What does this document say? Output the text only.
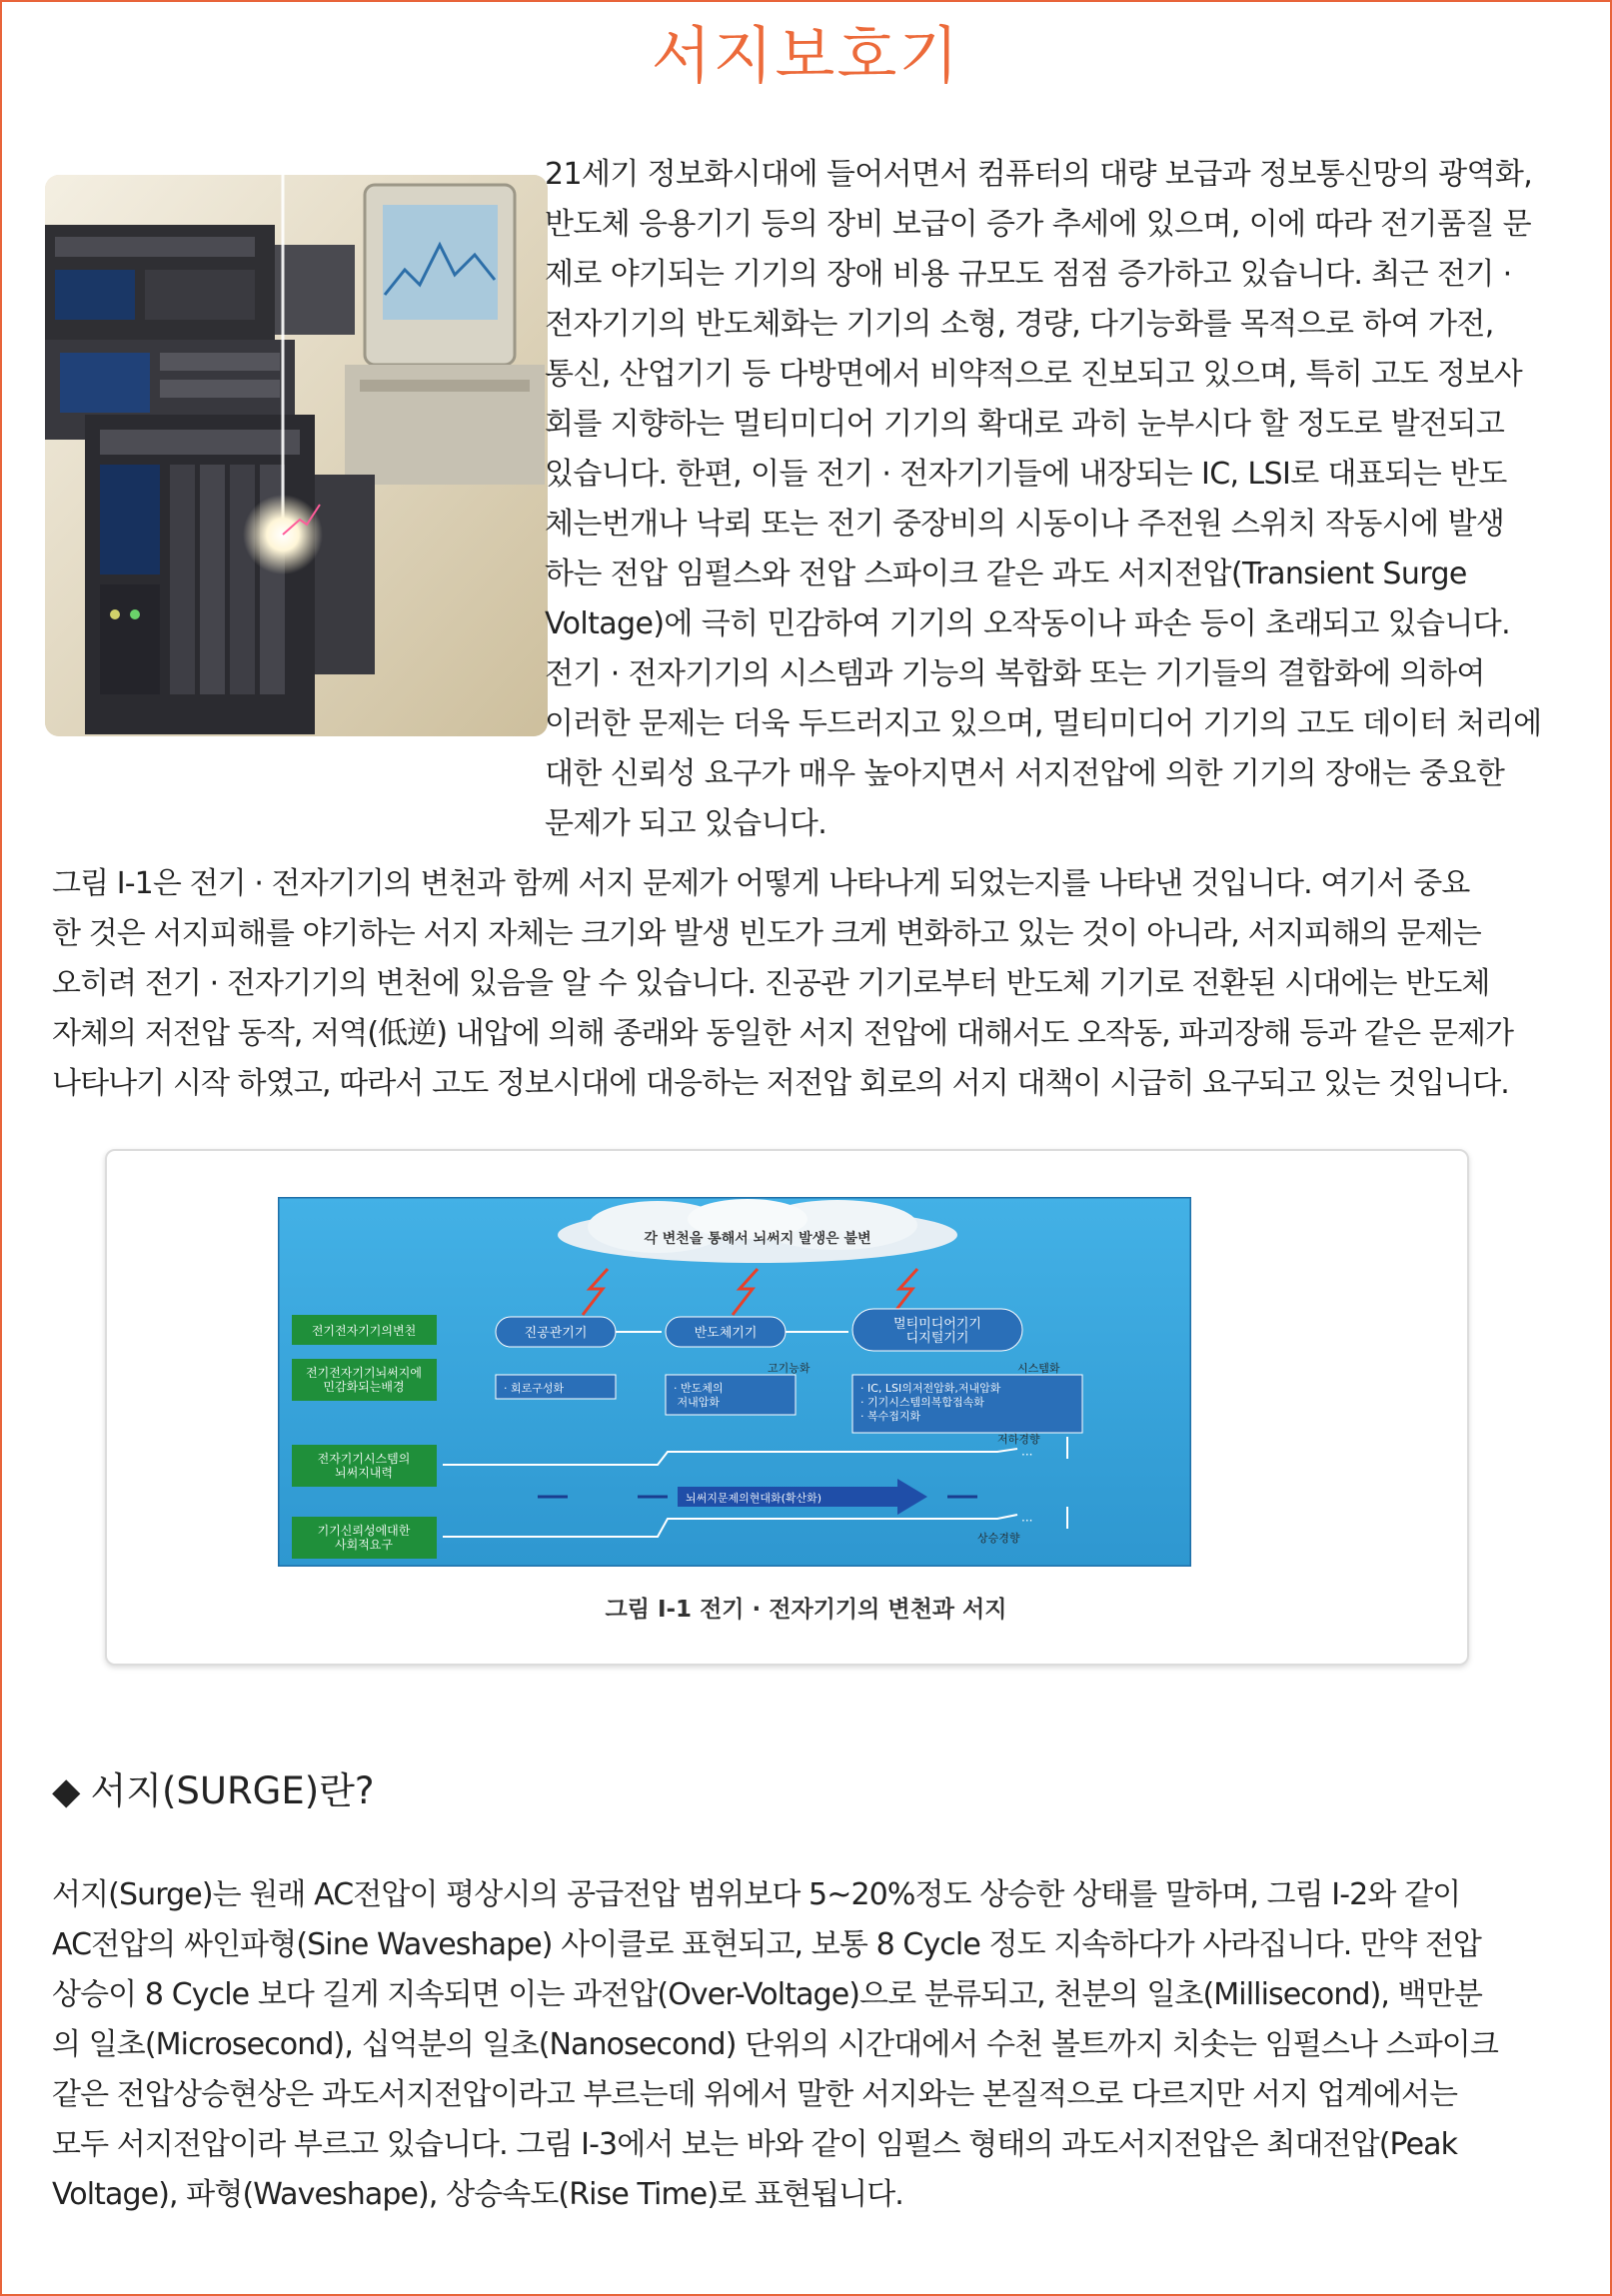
서지보호기
21세기 정보화시대에 들어서면서 컴퓨터의 대량 보급과 정보통신망의 광역화,
반도체 응용기기 등의 장비 보급이 증가 추세에 있으며, 이에 따라 전기품질 문
제로 야기되는 기기의 장애 비용 규모도 점점 증가하고 있습니다. 최근 전기 ·
전자기기의 반도체화는 기기의 소형, 경량, 다기능화를 목적으로 하여 가전,
통신, 산업기기 등 다방면에서 비약적으로 진보되고 있으며, 특히 고도 정보사
회를 지향하는 멀티미디어 기기의 확대로 과히 눈부시다 할 정도로 발전되고
있습니다. 한편, 이들 전기 · 전자기기들에 내장되는 IC, LSI로 대표되는 반도
체는번개나 낙뢰 또는 전기 중장비의 시동이나 주전원 스위치 작동시에 발생
하는 전압 임펄스와 전압 스파이크 같은 과도 서지전압(Transient Surge
Voltage)에 극히 민감하여 기기의 오작동이나 파손 등이 초래되고 있습니다.
전기 · 전자기기의 시스템과 기능의 복합화 또는 기기들의 결합화에 의하여
이러한 문제는 더욱 두드러지고 있으며, 멀티미디어 기기의 고도 데이터 처리에
대한 신뢰성 요구가 매우 높아지면서 서지전압에 의한 기기의 장애는 중요한
문제가 되고 있습니다.
그림 Ⅰ-1은 전기 · 전자기기의 변천과 함께 서지 문제가 어떻게 나타나게 되었는지를 나타낸 것입니다. 여기서 중요
한 것은 서지피해를 야기하는 서지 자체는 크기와 발생 빈도가 크게 변화하고 있는 것이 아니라, 서지피해의 문제는
오히려 전기 · 전자기기의 변천에 있음을 알 수 있습니다. 진공관 기기로부터 반도체 기기로 전환된 시대에는 반도체
자체의 저전압 동작, 저역(低逆) 내압에 의해 종래와 동일한 서지 전압에 대해서도 오작동, 파괴장해 등과 같은 문제가
나타나기 시작 하였고, 따라서 고도 정보시대에 대응하는 저전압 회로의 서지 대책이 시급히 요구되고 있는 것입니다.
각 변천을 통해서 뇌써지 발생은 불변
전기전자기기의변천
전기전자기기뇌써지에 민감화되는배경
전자기기시스템의 뇌써지내력
기기신뢰성에대한 사회적요구
진공관기기	반도체기기
멀티미디어기기 디지털기기
고기능화	시스템화
· 회로구성화	· 반도체의 저내압화
· IC, LSI의저전압화,저내압화 · 기기시스템의복합접속화 · 복수접지화
저하경향
···
뇌써지문제의현대화(확산화)
상승경향
···
그림 Ⅰ-1 전기 · 전자기기의 변천과 서지
◆ 서지(SURGE)란?
서지(Surge)는 원래 AC전압이 평상시의 공급전압 범위보다 5~20%정도 상승한 상태를 말하며, 그림 Ⅰ-2와 같이
AC전압의 싸인파형(Sine Waveshape) 사이클로 표현되고, 보통 8 Cycle 정도 지속하다가 사라집니다. 만약 전압
상승이 8 Cycle 보다 길게 지속되면 이는 과전압(Over-Voltage)으로 분류되고, 천분의 일초(Millisecond), 백만분
의 일초(Microsecond), 십억분의 일초(Nanosecond) 단위의 시간대에서 수천 볼트까지 치솟는 임펄스나 스파이크
같은 전압상승현상은 과도서지전압이라고 부르는데 위에서 말한 서지와는 본질적으로 다르지만 서지 업계에서는
모두 서지전압이라 부르고 있습니다. 그림 Ⅰ-3에서 보는 바와 같이 임펄스 형태의 과도서지전압은 최대전압(Peak
Voltage), 파형(Waveshape), 상승속도(Rise Time)로 표현됩니다.
